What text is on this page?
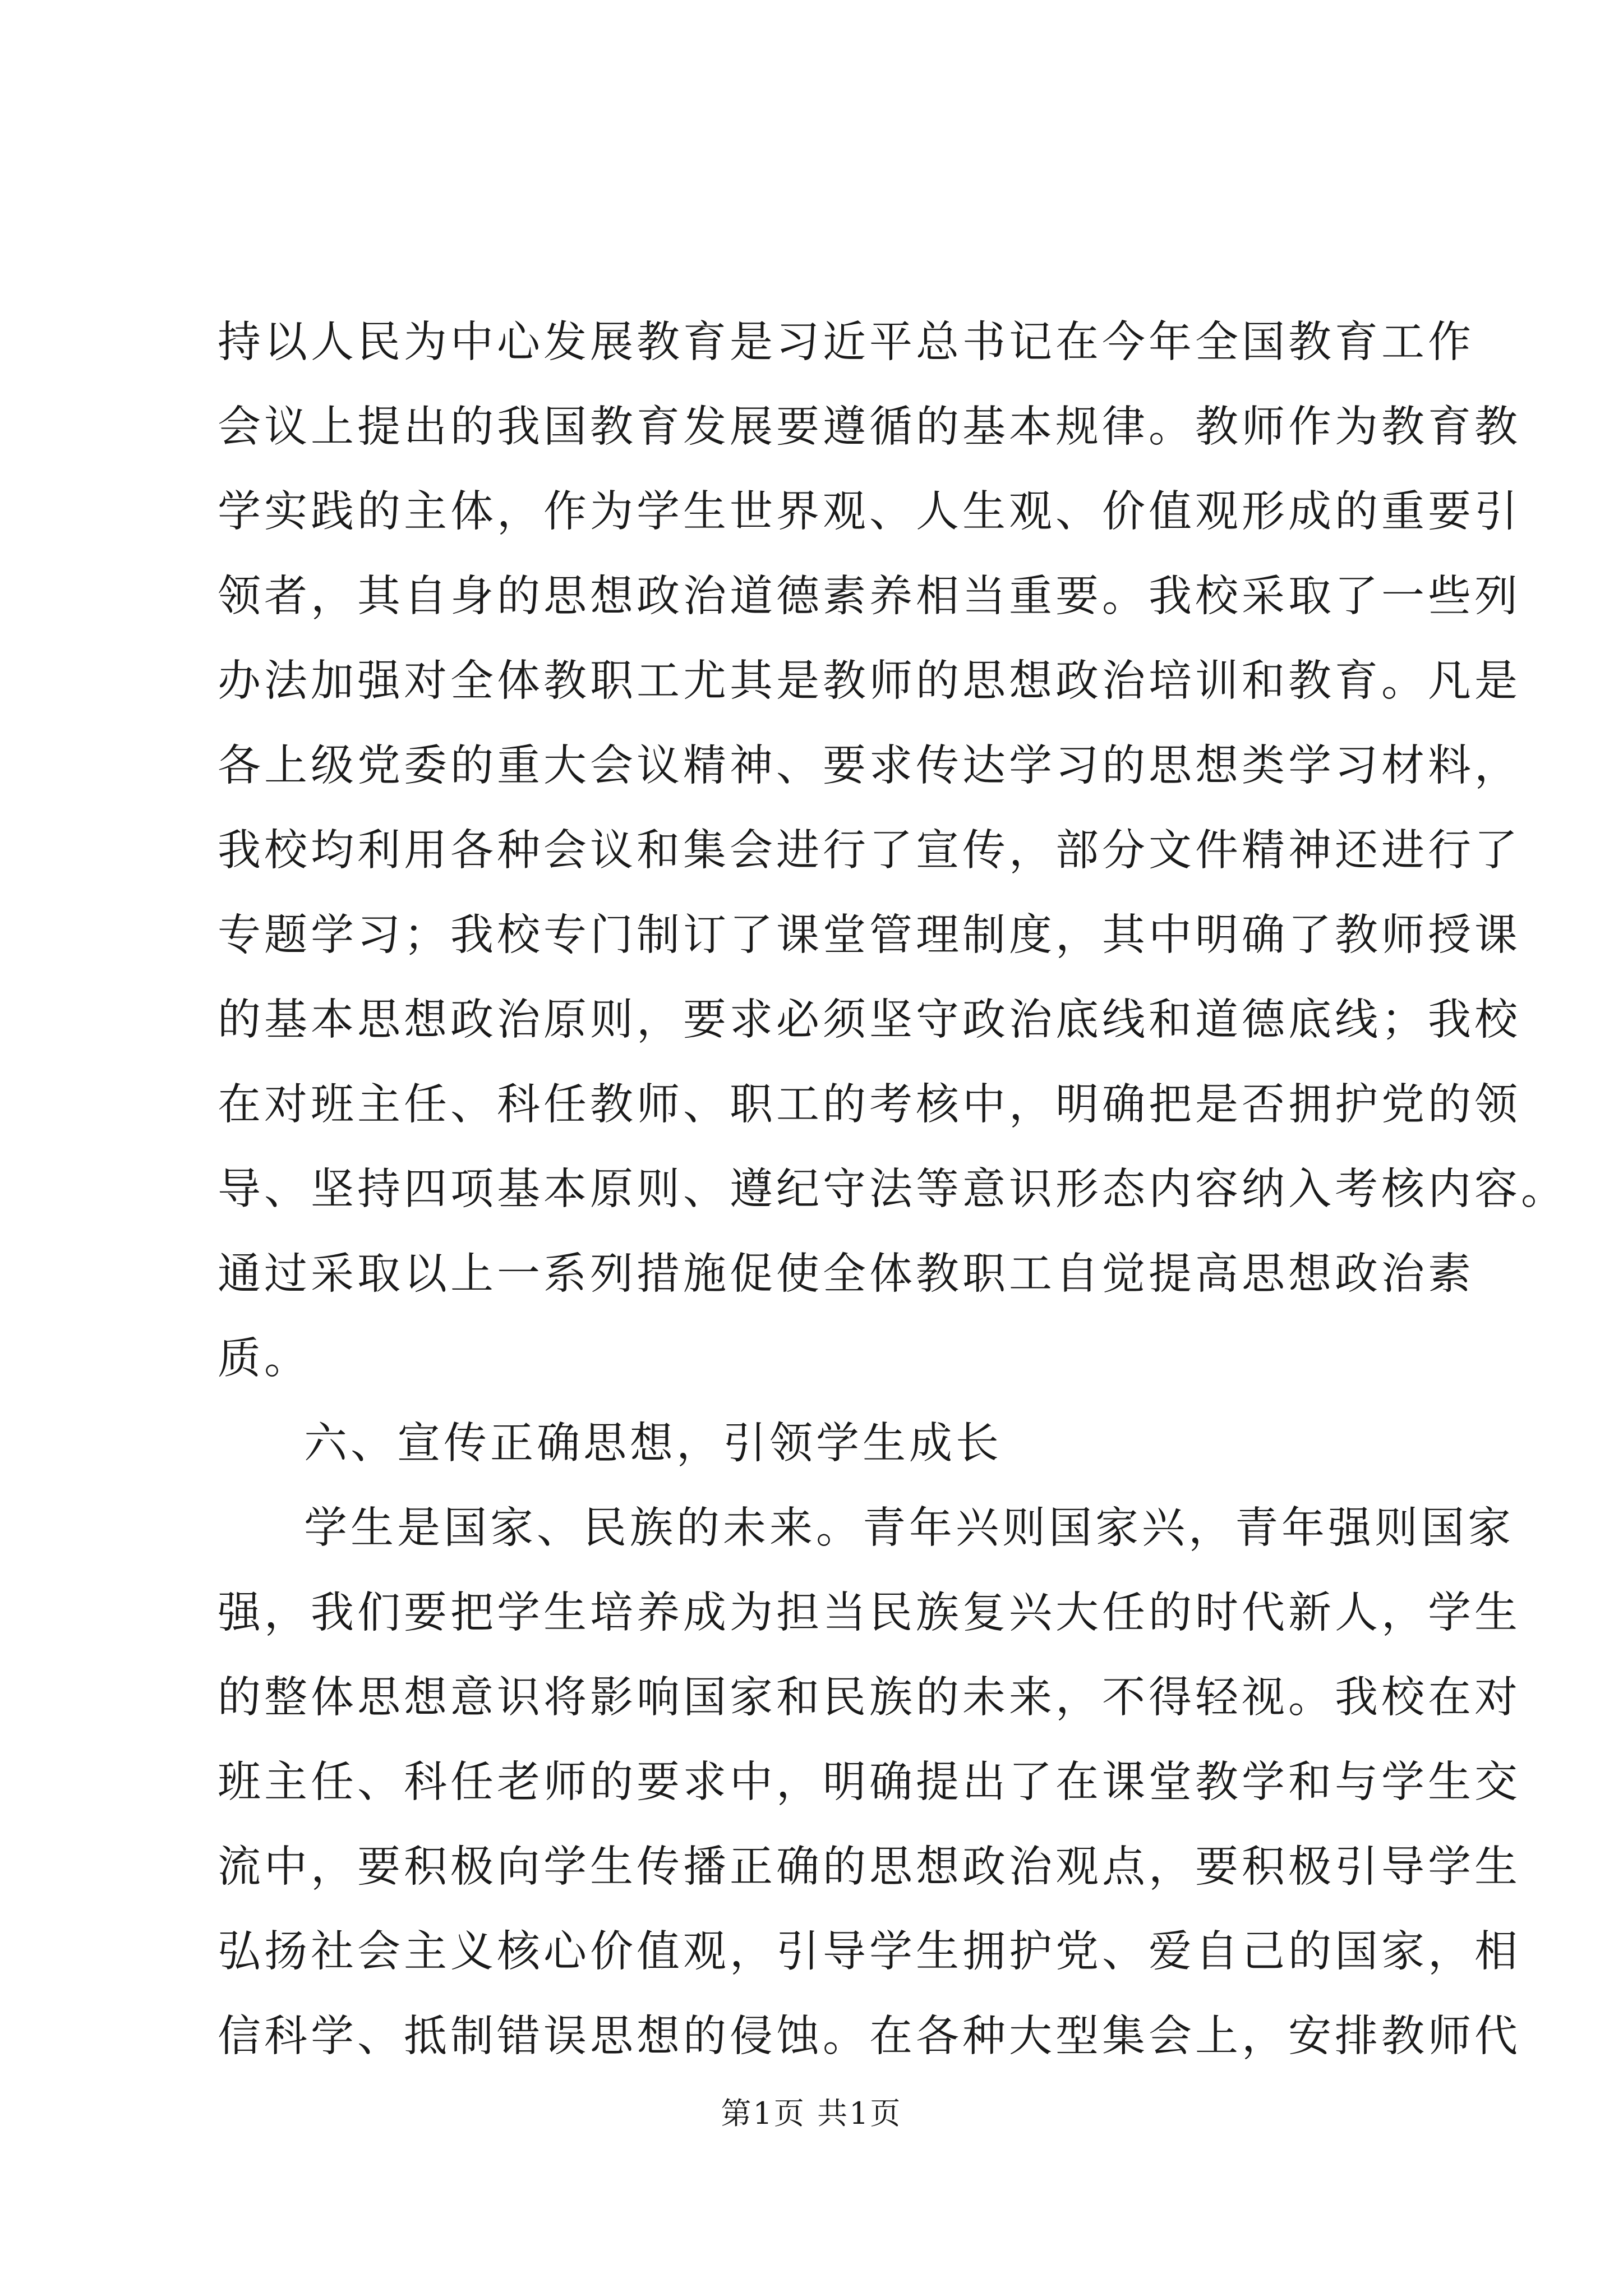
持以人民为中心发展教育是习近平总书记在今年全国教育工作
会议上提出的我国教育发展要遵循的基本规律。教师作为教育教
学实践的主体，作为学生世界观、人生观、价值观形成的重要引
领者，其自身的思想政治道德素养相当重要。我校采取了一些列
办法加强对全体教职工尤其是教师的思想政治培训和教育。凡是
各上级党委的重大会议精神、要求传达学习的思想类学习材料，
我校均利用各种会议和集会进行了宣传，部分文件精神还进行了
专题学习；我校专门制订了课堂管理制度，其中明确了教师授课
的基本思想政治原则，要求必须坚守政治底线和道德底线；我校
在对班主任、科任教师、职工的考核中，明确把是否拥护党的领
导、坚持四项基本原则、遵纪守法等意识形态内容纳入考核内容。
通过采取以上一系列措施促使全体教职工自觉提高思想政治素
质。
六、宣传正确思想，引领学生成长
学生是国家、民族的未来。青年兴则国家兴，青年强则国家
强，我们要把学生培养成为担当民族复兴大任的时代新人，学生
的整体思想意识将影响国家和民族的未来，不得轻视。我校在对
班主任、科任老师的要求中，明确提出了在课堂教学和与学生交
流中，要积极向学生传播正确的思想政治观点，要积极引导学生
弘扬社会主义核心价值观，引导学生拥护党、爱自己的国家，相
信科学、抵制错误思想的侵蚀。在各种大型集会上，安排教师代
第1页 共1页
